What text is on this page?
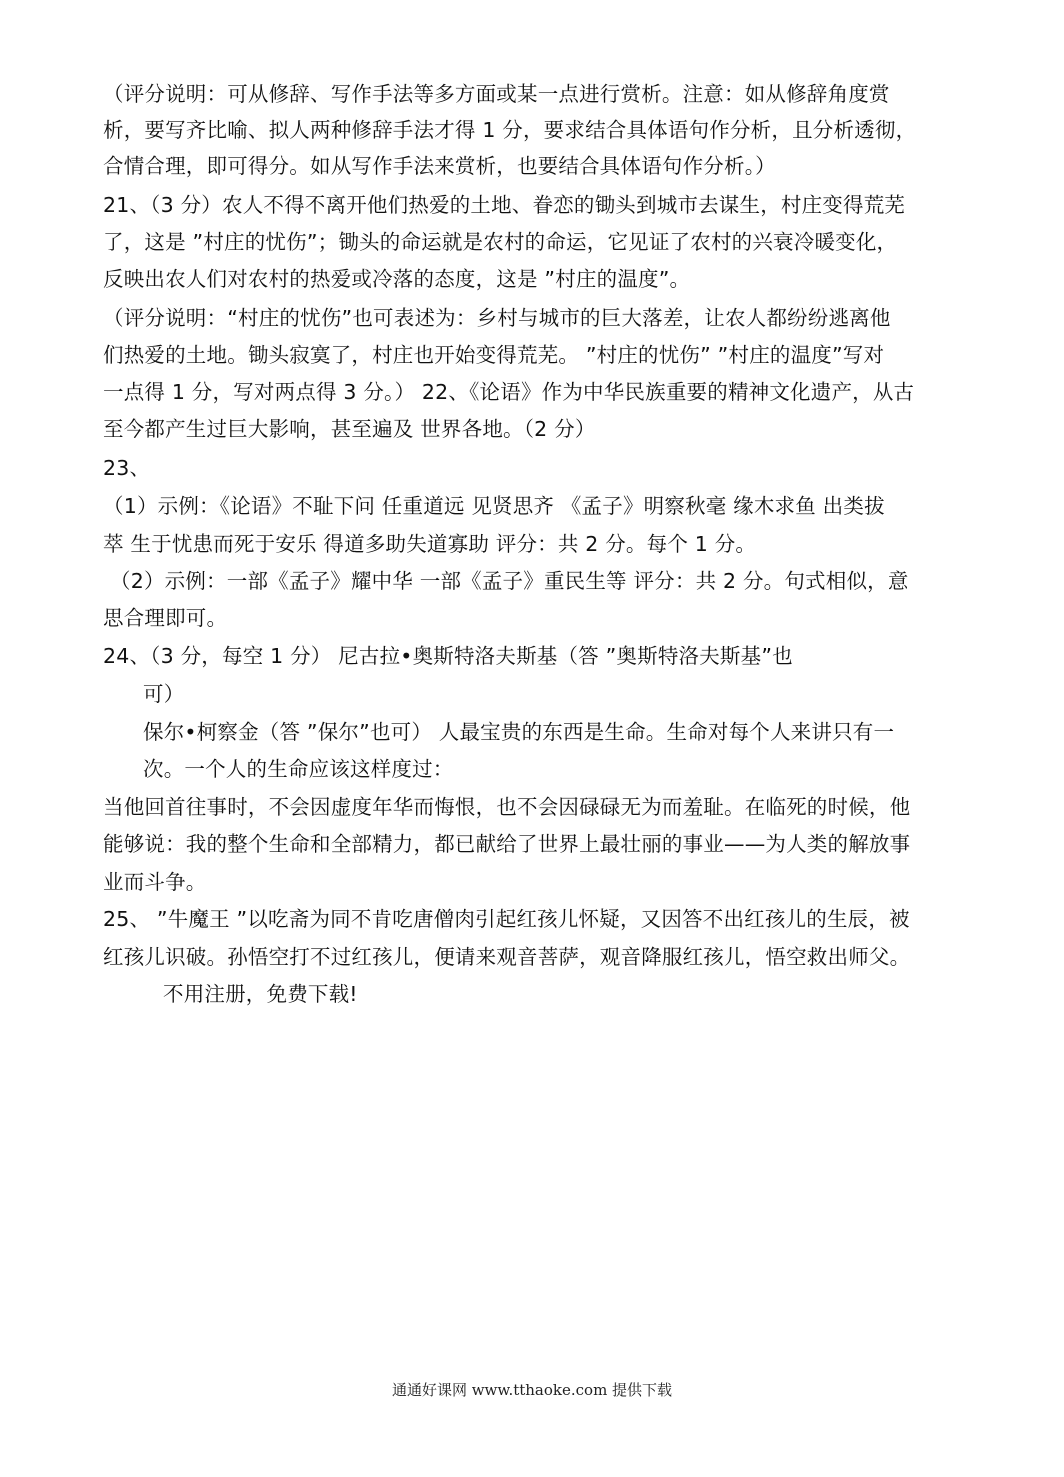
（评分说明：可从修辞、写作手法等多方面或某一点进行赏析。注意：如从修辞角度赏
析，要写齐比喻、拟人两种修辞手法才得 1 分，要求结合具体语句作分析，且分析透彻，
合情合理，即可得分。如从写作手法来赏析，也要结合具体语句作分析。）
21、（3 分）农人不得不离开他们热爱的土地、眷恋的锄头到城市去谋生，村庄变得荒芜
了，这是 ”村庄的忧伤”；锄头的命运就是农村的命运，它见证了农村的兴衰冷暖变化，
反映出农人们对农村的热爱或冷落的态度，这是 ”村庄的温度”。
（评分说明：“村庄的忧伤”也可表述为：乡村与城市的巨大落差，让农人都纷纷逃离他
们热爱的土地。锄头寂寞了，村庄也开始变得荒芜。 ”村庄的忧伤” ”村庄的温度”写对
一点得 1 分，写对两点得 3 分。） 22、《论语》作为中华民族重要的精神文化遗产，从古
至今都产生过巨大影响，甚至遍及 世界各地。（2 分）
23、
（1）示例：《论语》不耻下问 任重道远 见贤思齐 《孟子》明察秋毫 缘木求鱼 出类拔
萃 生于忧患而死于安乐 得道多助失道寡助 评分：共 2 分。每个 1 分。
（2）示例：一部《孟子》耀中华 一部《孟子》重民生等 评分：共 2 分。句式相似，意
思合理即可。
24、（3 分，每空 1 分） 尼古拉•奥斯特洛夫斯基（答 ”奥斯特洛夫斯基”也
可）
保尔•柯察金（答 ”保尔”也可） 人最宝贵的东西是生命。生命对每个人来讲只有一
次。一个人的生命应该这样度过：
当他回首往事时，不会因虚度年华而悔恨，也不会因碌碌无为而羞耻。在临死的时候，他
能够说：我的整个生命和全部精力，都已献给了世界上最壮丽的事业——为人类的解放事
业而斗争。
25、 ”牛魔王 ”以吃斋为同不肯吃唐僧肉引起红孩儿怀疑，又因答不出红孩儿的生辰，被
红孩儿识破。孙悟空打不过红孩儿，便请来观音菩萨，观音降服红孩儿，悟空救出师父。
不用注册，免费下载!
通通好课网 www.tthaoke.com 提供下载
